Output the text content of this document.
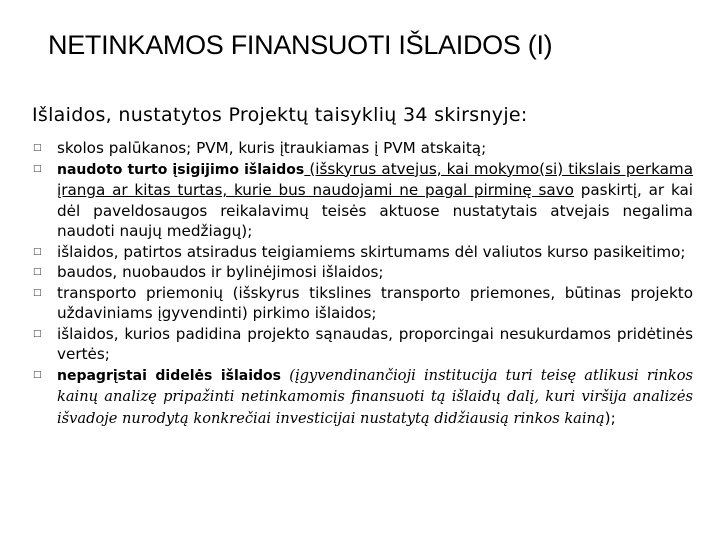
NETINKAMOS FINANSUOTI IŠLAIDOS (I)
Išlaidos, nustatytos Projektų taisyklių 34 skirsnyje:
□ skolos palūkanos; PVM, kuris įtraukiamas į PVM atskaitą;
□ naudoto turto įsigijimo išlaidos (išskyrus atvejus, kai mokymo(si) tikslais perkama įranga ar kitas turtas, kurie bus naudojami ne pagal pirminę savo paskirtį, ar kai dėl paveldosaugos reikalavimų teisės aktuose nustatytais atvejais negalima naudoti naujų medžiagų);
□ išlaidos, patirtos atsiradus teigiamiems skirtumams dėl valiutos kurso pasikeitimo;
□ baudos, nuobaudos ir bylinėjimosi išlaidos;
□ transporto priemonių (išskyrus tikslines transporto priemones, būtinas projekto uždaviniams įgyvendinti) pirkimo išlaidos;
□ išlaidos, kurios padidina projekto sąnaudas, proporcingai nesukurdamos pridėtinės vertės;
□ nepagrįstai didelės išlaidos (įgyvendinančioji institucija turi teisę atlikusi rinkos kainų analizę pripažinti netinkamomis finansuoti tą išlaidų dalį, kuri viršija analizės išvadoje nurodytą konkrečiai investicijai nustatytą didžiausią rinkos kainą);
